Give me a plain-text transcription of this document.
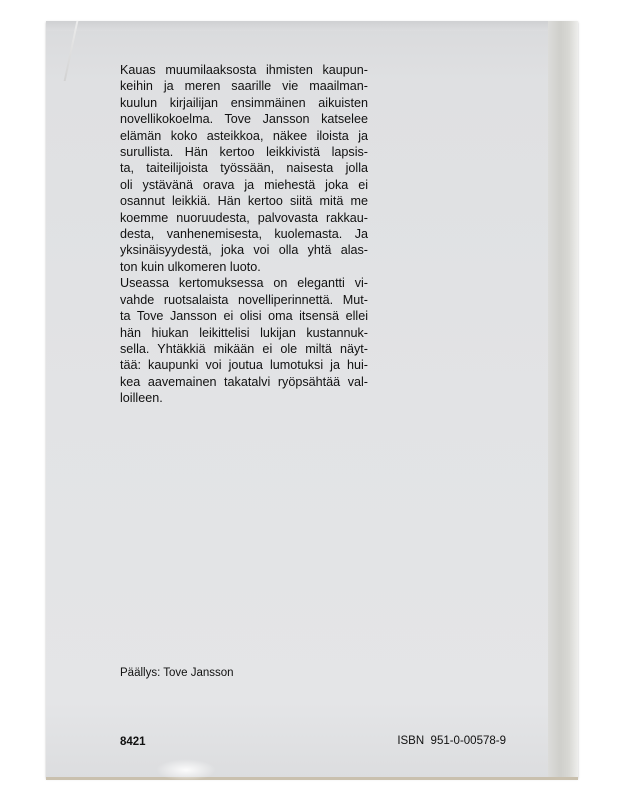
Kauas muumilaaksosta ihmisten kaupun-
keihin ja meren saarille vie maailman-
kuulun kirjailijan ensimmäinen aikuisten
novellikokoelma. Tove Jansson katselee
elämän koko asteikkoa, näkee iloista ja
surullista. Hän kertoo leikkivistä lapsis-
ta, taiteilijoista työssään, naisesta jolla
oli ystävänä orava ja miehestä joka ei
osannut leikkiä. Hän kertoo siitä mitä me
koemme nuoruudesta, palvovasta rakkau-
desta, vanhenemisesta, kuolemasta. Ja
yksinäisyydestä, joka voi olla yhtä alas-
ton kuin ulkomeren luoto.

Useassa kertomuksessa on elegantti vi-
vahde ruotsalaista novelliperinnettä. Mut-
ta Tove Jansson ei olisi oma itsensä ellei
hän hiukan leikittelisi lukijan kustannuk-
sella. Yhtäkkiä mikään ei ole miltä näyt-
tää: kaupunki voi joutua lumotuksi ja hui-
kea aavemainen takatalvi ryöpsähtää val-
loilleen.

Päällys: Tove Jansson
8421	ISBN  951-0-00578-9
